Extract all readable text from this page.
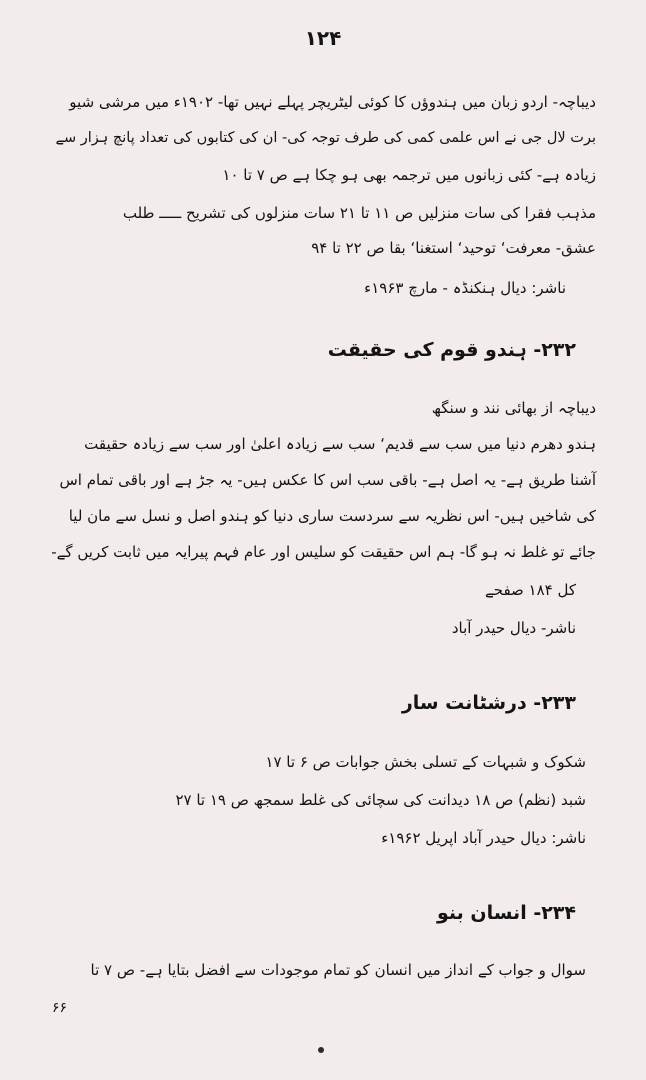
۱۲۴
دیباچہ- اردو زبان میں ہندوؤں کا کوئی لیٹریچر پہلے نہیں تھا- ۱۹۰۲ء میں مرشی شیو
برت لال جی نے اس علمی کمی کی طرف توجہ کی- ان کی کتابوں کی تعداد پانچ ہزار سے
زیادہ ہے- کئی زبانوں میں ترجمہ بھی ہو چکا ہے ص ۷ تا ۱۰
مذہب فقرا کی سات منزلیں ص ۱۱ تا ۲۱ سات منزلوں کی تشریح ـــــ طلب
عشق- معرفت‘ توحید‘ استغنا‘ بقا ص ۲۲ تا ۹۴
ناشر: دیال ہنکنڈہ - مارچ ۱۹۶۳ء
۲۳۲- ہندو قوم کی حقیقت
دیباچہ از بھائی نند و سنگھ
ہندو دھرم دنیا میں سب سے قدیم‘ سب سے زیادہ اعلیٰ اور سب سے زیادہ حقیقت
آشنا طریق ہے- یہ اصل ہے- باقی سب اس کا عکس ہیں- یہ جڑ ہے اور باقی تمام اس
کی شاخیں ہیں- اس نظریہ سے سردست ساری دنیا کو ہندو اصل و نسل سے مان لیا
جائے تو غلط نہ ہو گا- ہم اس حقیقت کو سلیس اور عام فہم پیرایہ میں ثابت کریں گے-
کل ۱۸۴ صفحے
ناشر- دیال حیدر آباد
۲۳۳- درشٹانت سار
شکوک و شبہات کے تسلی بخش جوابات ص ۶ تا ۱۷
شبد (نظم) ص ۱۸ دیدانت کی سچائی کی غلط سمجھ ص ۱۹ تا ۲۷
ناشر: دیال حیدر آباد اپریل ۱۹۶۲ء
۲۳۴- انسان بنو
سوال و جواب کے انداز میں انسان کو تمام موجودات سے افضل بتایا ہے- ص ۷ تا
۶۶
